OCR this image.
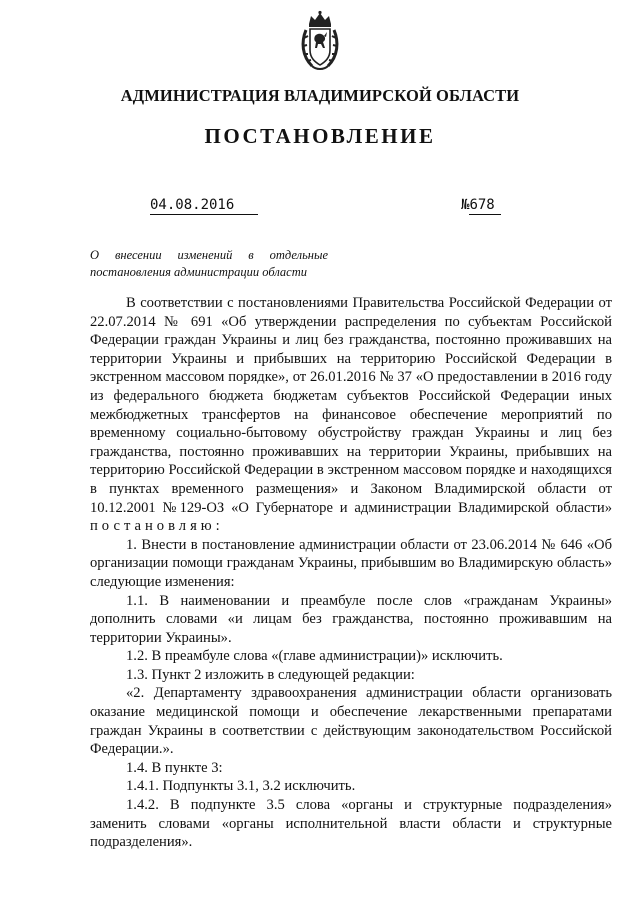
АДМИНИСТРАЦИЯ ВЛАДИМИРСКОЙ ОБЛАСТИ
ПОСТАНОВЛЕНИЕ
04.08.2016	№678
О внесении изменений в отдельные постановления администрации области

В соответствии с постановлениями Правительства Российской Федерации от 22.07.2014 № 691 «Об утверждении распределения по субъектам Российской Федерации граждан Украины и лиц без гражданства, постоянно проживавших на территории Украины и прибывших на территорию Российской Федерации в экстренном массовом порядке», от 26.01.2016 № 37 «О предоставлении в 2016 году из федерального бюджета бюджетам субъектов Российской Федерации иных межбюджетных трансфертов на финансовое обеспечение мероприятий по временному социально-бытовому обустройству граждан Украины и лиц без гражданства, постоянно проживавших на территории Украины, прибывших на территорию Российской Федерации в экстренном массовом порядке и находящихся в пунктах временного размещения» и Законом Владимирской области от 10.12.2001 №129-ОЗ «О Губернаторе и администрации Владимирской области» постановляю:

1. Внести в постановление администрации области от 23.06.2014 № 646 «Об организации помощи гражданам Украины, прибывшим во Владимирскую область» следующие изменения:

1.1. В наименовании и преамбуле после слов «гражданам Украины» дополнить словами «и лицам без гражданства, постоянно проживавшим на территории Украины».

1.2. В преамбуле слова «(главе администрации)» исключить.

1.3. Пункт 2 изложить в следующей редакции:

«2. Департаменту здравоохранения администрации области организовать оказание медицинской помощи и обеспечение лекарственными препаратами граждан Украины в соответствии с действующим законодательством Российской Федерации.».

1.4. В пункте 3:

1.4.1. Подпункты 3.1, 3.2 исключить.

1.4.2. В подпункте 3.5 слова «органы и структурные подразделения» заменить словами «органы исполнительной власти области и структурные подразделения».
